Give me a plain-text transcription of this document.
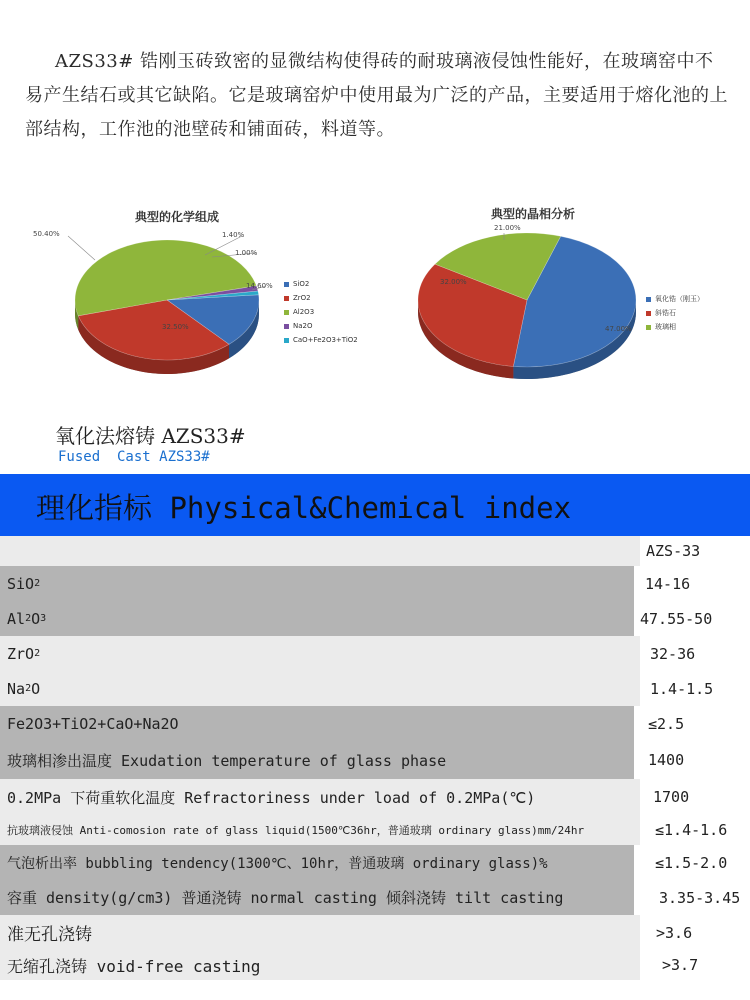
AZS33# 锆刚玉砖致密的显微结构使得砖的耐玻璃液侵蚀性能好，在玻璃窑中不易产生结石或其它缺陷。它是玻璃窑炉中使用最为广泛的产品，主要适用于熔化池的上部结构，工作池的池壁砖和铺面砖，料道等。

典型的化学组成
50.40%	1.40%
1.00%
14.60%
32.50%
SiO2
ZrO2
Al2O3
Na2O
CaO+Fe2O3+TiO2
典型的晶相分析
21.00%
32.00%
47.00%
氧化锆（刚玉）
斜锆石
玻璃相
氧化法熔铸 AZS33#
Fused  Cast AZS33#
理化指标 Physical&Chemical index
AZS-33
SiO 2	14-16
Al 2 O 3	47.55-50
ZrO 2	32-36
Na 2 O	1.4-1.5
Fe2O3+TiO2+CaO+Na2O	≤2.5
玻璃相渗出温度 Exudation temperature of glass phase	1400
0.2MPa 下荷重软化温度 Refractoriness under load of 0.2MPa(℃)	1700
抗玻璃液侵蚀 Anti-comosion rate of glass liquid(1500℃36hr，普通玻璃 ordinary glass)mm/24hr	≤1.4-1.6
气泡析出率 bubbling tendency(1300℃、10hr，普通玻璃 ordinary glass)%	≤1.5-2.0
容重 density(g/cm3) 普通浇铸 normal casting 倾斜浇铸 tilt casting	3.35-3.45
准无孔浇铸	>3.6
无缩孔浇铸 void-free casting	>3.7
